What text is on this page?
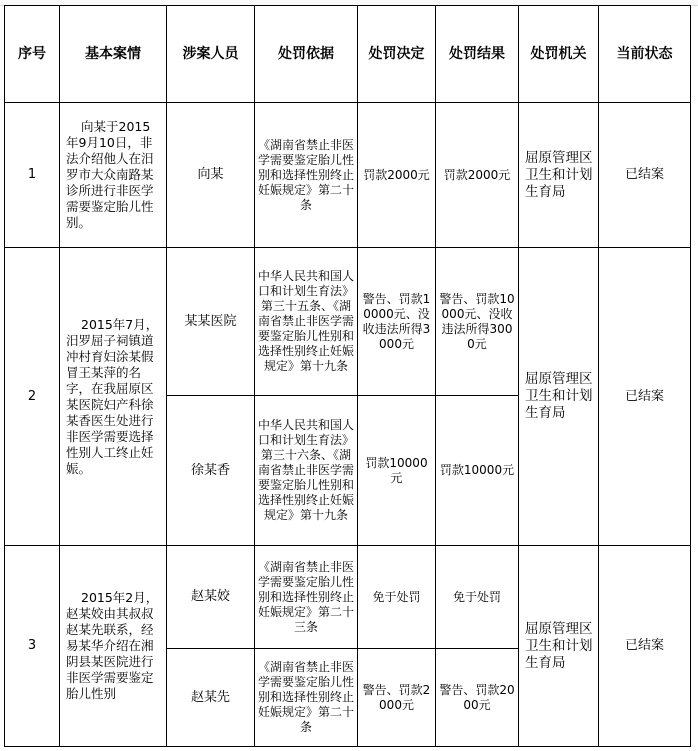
序号	基本案情	涉案人员	处罚依据	处罚决定	处罚结果	处罚机关	当前状态
1	向某于2015年9月10日，非法介绍他人在汨罗市大众南路某诊所进行非医学需要鉴定胎儿性别。	向某	《湖南省禁止非医学需要鉴定胎儿性别和选择性别终止妊娠规定》第二十条	罚款2000元	罚款2000元	屈原管理区卫生和计划生育局	已结案
2	2015年7月，汨罗屈子祠镇道冲村育妇涂某假冒王某萍的名字，在我屈原区某医院妇产科徐某香医生处进行非医学需要选择性别人工终止妊娠。	某某医院	中华人民共和国人口和计划生育法》第三十五条、《湖南省禁止非医学需要鉴定胎儿性别和选择性别终止妊娠规定》第十九条	警告、罚款10000元、没收违法所得3000元	警告、罚款10000元、没收违法所得3000元	屈原管理区卫生和计划生育局	已结案
		徐某香	中华人民共和国人口和计划生育法》第三十六条、《湖南省禁止非医学需要鉴定胎儿性别和选择性别终止妊娠规定》第十九条	罚款10000元	罚款10000元		
3	2015年2月，赵某姣由其叔叔赵某先联系，经易某华介绍在湘阴县某医院进行非医学需要鉴定胎儿性别	赵某姣	《湖南省禁止非医学需要鉴定胎儿性别和选择性别终止妊娠规定》第二十三条	免于处罚	免于处罚	屈原管理区卫生和计划生育局	已结案
		赵某先	《湖南省禁止非医学需要鉴定胎儿性别和选择性别终止妊娠规定》第二十条	警告、罚款2000元	警告、罚款2000元		
